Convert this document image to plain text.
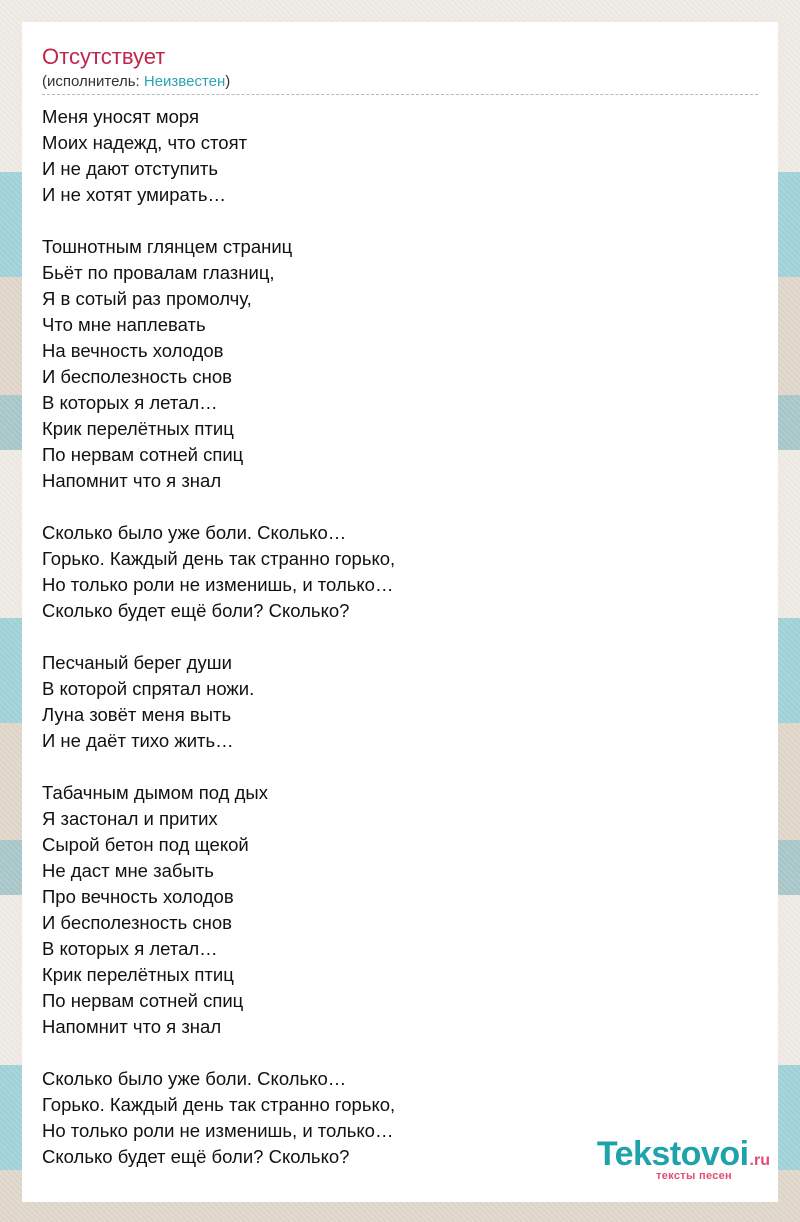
Отсутствует
(исполнитель: Неизвестен)
Меня уносят моря
Моих надежд, что стоят
И не дают отступить
И не хотят умирать…
Тошнотным глянцем страниц
Бьёт по провалам глазниц,
Я в сотый раз промолчу,
Что мне наплевать
На вечность холодов
И бесполезность снов
В которых я летал…
Крик перелётных птиц
По нервам сотней спиц
Напомнит что я знал
Сколько было уже боли. Сколько…
Горько. Каждый день так странно горько,
Но только роли не изменишь, и только…
Сколько будет ещё боли? Сколько?
Песчаный берег души
В которой спрятал ножи.
Луна зовёт меня выть
И не даёт тихо жить…
Табачным дымом под дых
Я застонал и притих
Сырой бетон под щекой
Не даст мне забыть
Про вечность холодов
И бесполезность снов
В которых я летал…
Крик перелётных птиц
По нервам сотней спиц
Напомнит что я знал
Сколько было уже боли. Сколько…
Горько. Каждый день так странно горько,
Но только роли не изменишь, и только…
Сколько будет ещё боли? Сколько?	Tekstovoi.ru
тексты песен
